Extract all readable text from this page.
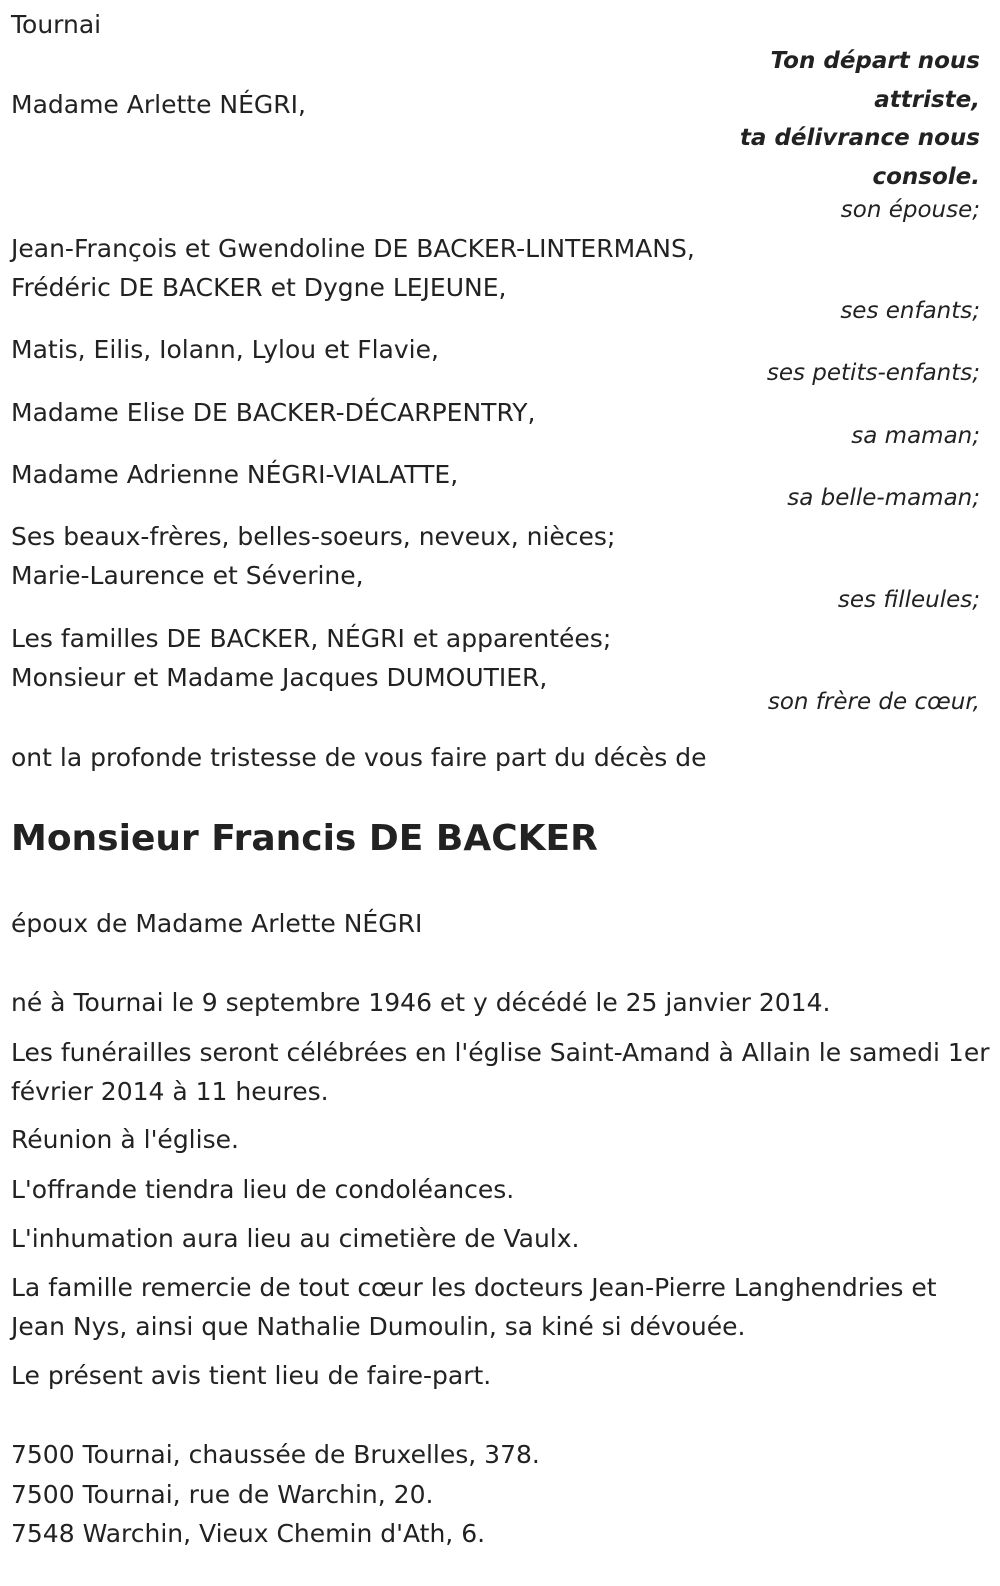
Tournai
Ton départ nous
attriste,
ta délivrance nous
console.
Madame Arlette NÉGRI,
son épouse;
Jean-François et Gwendoline DE BACKER-LINTERMANS,
Frédéric DE BACKER et Dygne LEJEUNE,
ses enfants;
Matis, Eilis, Iolann, Lylou et Flavie,
ses petits-enfants;
Madame Elise DE BACKER-DÉCARPENTRY,
sa maman;
Madame Adrienne NÉGRI-VIALATTE,
sa belle-maman;
Ses beaux-frères, belles-soeurs, neveux, nièces;
Marie-Laurence et Séverine,
ses filleules;
Les familles DE BACKER, NÉGRI et apparentées;
Monsieur et Madame Jacques DUMOUTIER,
son frère de cœur,
ont la profonde tristesse de vous faire part du décès de
Monsieur Francis DE BACKER
époux de Madame Arlette NÉGRI
né à Tournai le 9 septembre 1946 et y décédé le 25 janvier 2014.
Les funérailles seront célébrées en l'église Saint-Amand à Allain le samedi 1er février 2014 à 11 heures.
Réunion à l'église.
L'offrande tiendra lieu de condoléances.
L'inhumation aura lieu au cimetière de Vaulx.
La famille remercie de tout cœur les docteurs Jean-Pierre Langhendries et Jean Nys, ainsi que Nathalie Dumoulin, sa kiné si dévouée.
Le présent avis tient lieu de faire-part.
7500 Tournai, chaussée de Bruxelles, 378.
7500 Tournai, rue de Warchin, 20.
7548 Warchin, Vieux Chemin d'Ath, 6.
